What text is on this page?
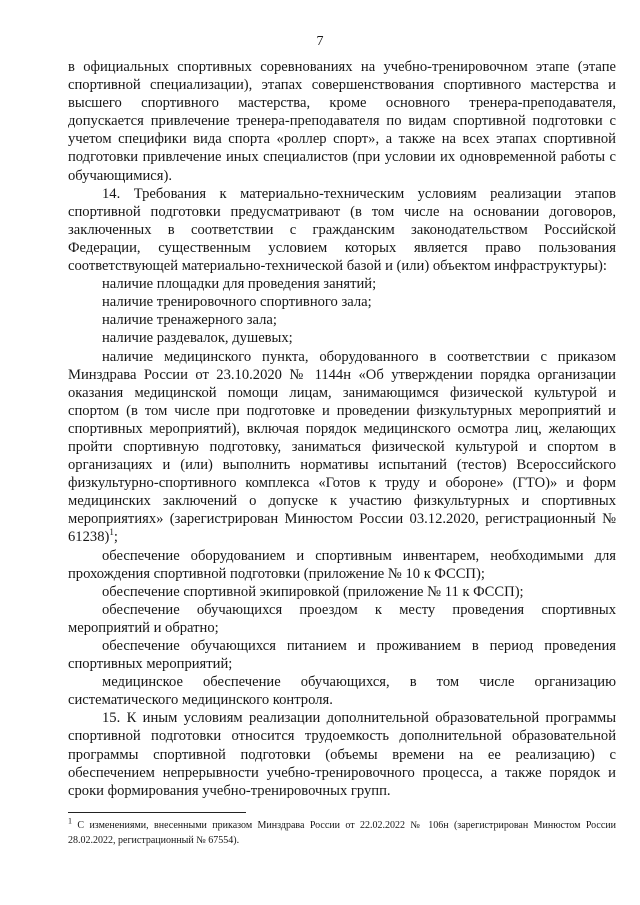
7

в официальных спортивных соревнованиях на учебно-тренировочном этапе (этапе спортивной специализации), этапах совершенствования спортивного мастерства и высшего спортивного мастерства, кроме основного тренера-преподавателя, допускается привлечение тренера-преподавателя по видам спортивной подготовки с учетом специфики вида спорта «роллер спорт», а также на всех этапах спортивной подготовки привлечение иных специалистов (при условии их одновременной работы с обучающимися).

14. Требования к материально-техническим условиям реализации этапов спортивной подготовки предусматривают (в том числе на основании договоров, заключенных в соответствии с гражданским законодательством Российской Федерации, существенным условием которых является право пользования соответствующей материально-технической базой и (или) объектом инфраструктуры):

наличие площадки для проведения занятий;

наличие тренировочного спортивного зала;

наличие тренажерного зала;

наличие раздевалок, душевых;

наличие медицинского пункта, оборудованного в соответствии с приказом Минздрава России от 23.10.2020 № 1144н «Об утверждении порядка организации оказания медицинской помощи лицам, занимающимся физической культурой и спортом (в том числе при подготовке и проведении физкультурных мероприятий и спортивных мероприятий), включая порядок медицинского осмотра лиц, желающих пройти спортивную подготовку, заниматься физической культурой и спортом в организациях и (или) выполнить нормативы испытаний (тестов) Всероссийского физкультурно-спортивного комплекса «Готов к труду и обороне» (ГТО)» и форм медицинских заключений о допуске к участию физкультурных и спортивных мероприятиях» (зарегистрирован Минюстом России 03.12.2020, регистрационный № 61238)$^1$;

обеспечение оборудованием и спортивным инвентарем, необходимыми для прохождения спортивной подготовки (приложение № 10 к ФССП);

обеспечение спортивной экипировкой (приложение № 11 к ФССП);

обеспечение обучающихся проездом к месту проведения спортивных мероприятий и обратно;

обеспечение обучающихся питанием и проживанием в период проведения спортивных мероприятий;

медицинское обеспечение обучающихся, в том числе организацию систематического медицинского контроля.

15. К иным условиям реализации дополнительной образовательной программы спортивной подготовки относится трудоемкость дополнительной образовательной программы спортивной подготовки (объемы времени на ее реализацию) с обеспечением непрерывности учебно-тренировочного процесса, а также порядок и сроки формирования учебно-тренировочных групп.

$^1$ С изменениями, внесенными приказом Минздрава России от 22.02.2022 № 106н (зарегистрирован Минюстом России 28.02.2022, регистрационный № 67554).
